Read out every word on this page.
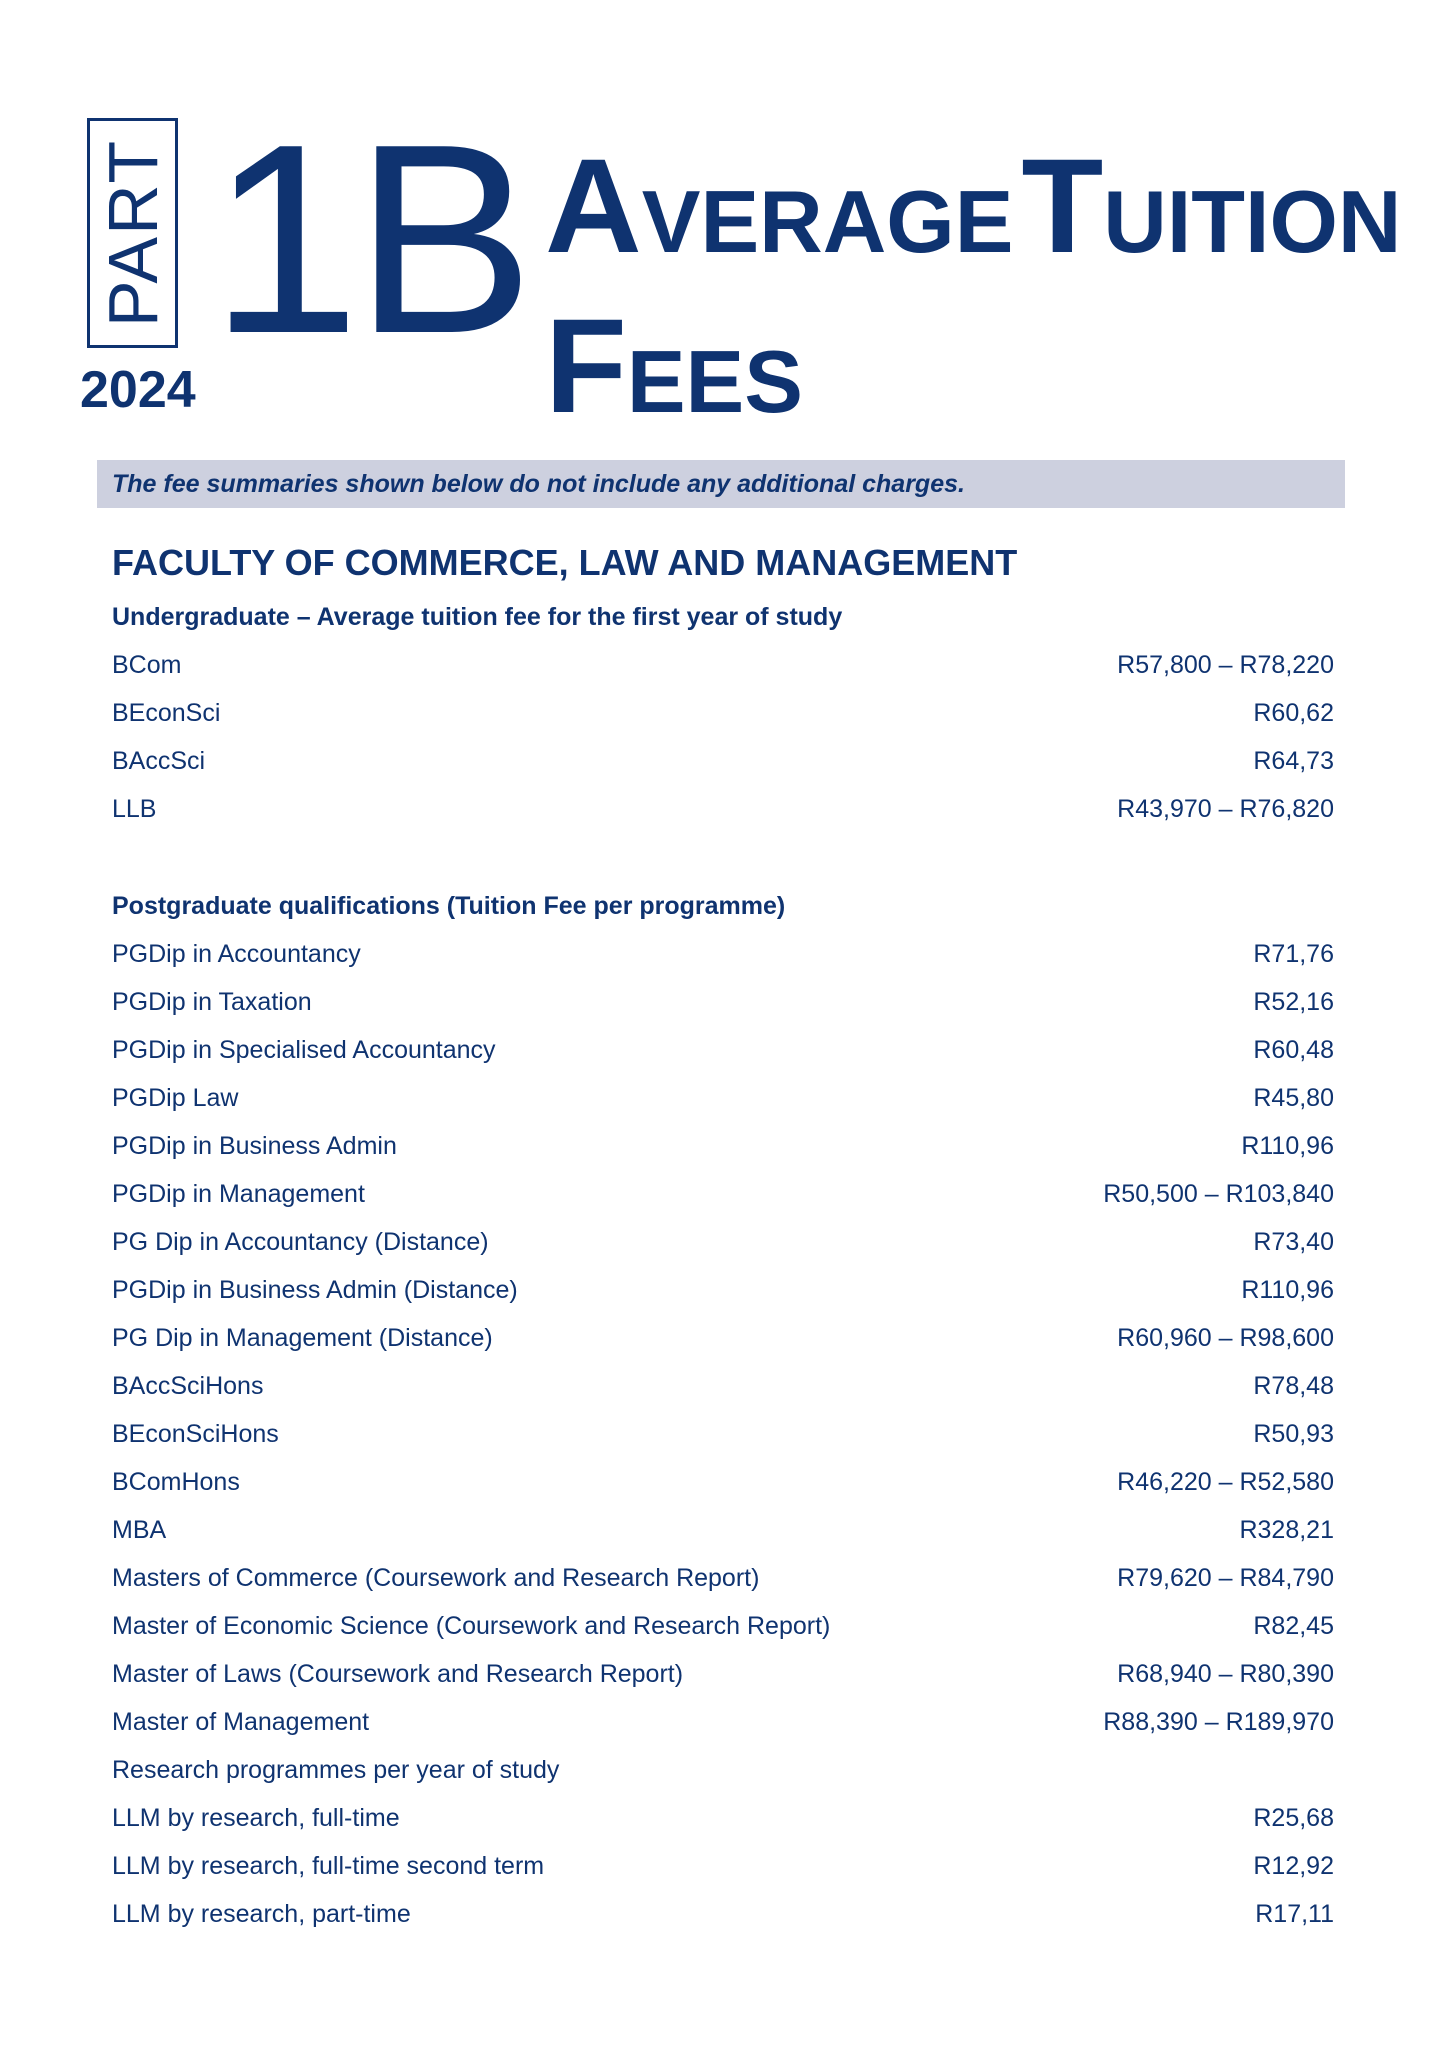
PART
2024 1B AVERAGETUITION
FEES
The fee summaries shown below do not include any additional charges.
FACULTY OF COMMERCE, LAW AND MANAGEMENT
Undergraduate – Average tuition fee for the first year of study
BCom	R57,800 – R78,220
BEconSci	R60,62
BAccSci	R64,73
LLB	R43,970 – R76,820
Postgraduate qualifications (Tuition Fee per programme)
PGDip in Accountancy	R71,76
PGDip in Taxation	R52,16
PGDip in Specialised Accountancy	R60,48
PGDip Law	R45,80
PGDip in Business Admin	R110,96
PGDip in Management	R50,500 – R103,840
PG Dip in Accountancy (Distance)	R73,40
PGDip in Business Admin (Distance)	R110,96
PG Dip in Management (Distance)	R60,960 – R98,600
BAccSciHons	R78,48
BEconSciHons	R50,93
BComHons	R46,220 – R52,580
MBA	R328,21
Masters of Commerce (Coursework and Research Report)	R79,620 – R84,790
Master of Economic Science (Coursework and Research Report)	R82,45
Master of Laws (Coursework and Research Report)	R68,940 – R80,390
Master of Management	R88,390 – R189,970
Research programmes per year of study
LLM by research, full-time	R25,68
LLM by research, full-time second term	R12,92
LLM by research, part-time	R17,11
